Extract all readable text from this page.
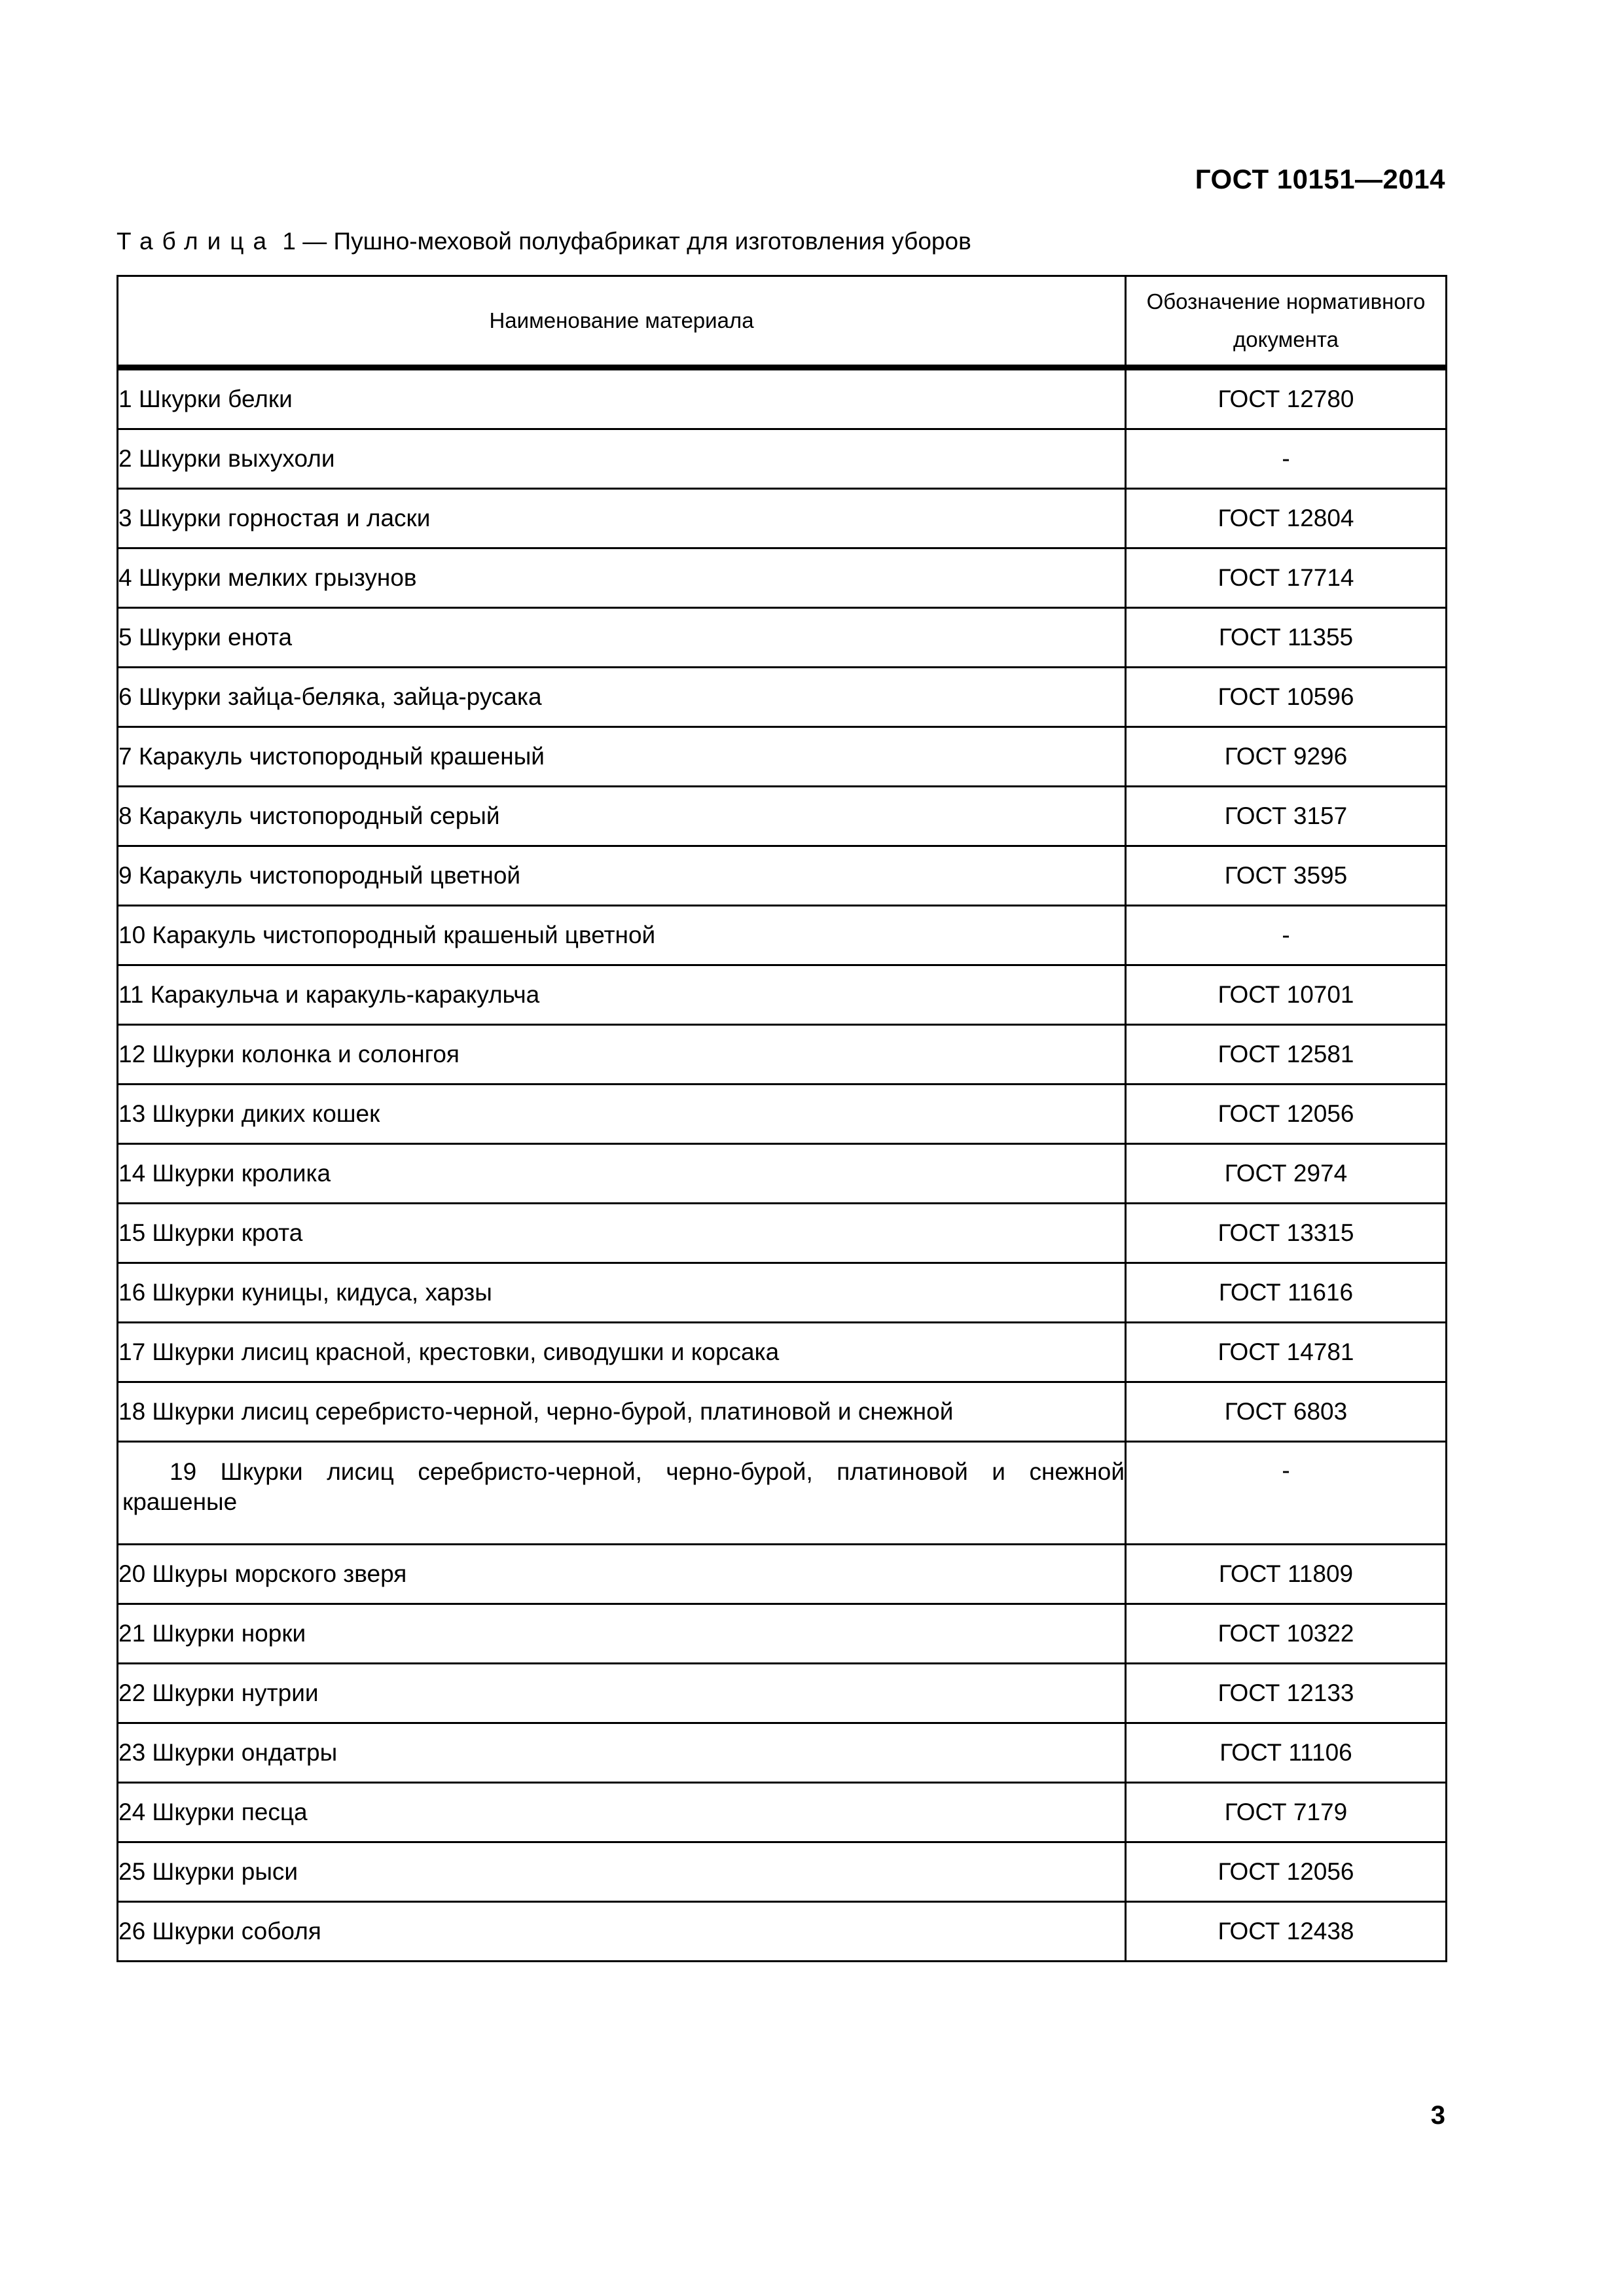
ГОСТ 10151—2014
Таблица 1 — Пушно-меховой полуфабрикат для изготовления уборов
Наименование материала	Обозначение нормативного документа
1 Шкурки белки	ГОСТ 12780
2 Шкурки выхухоли	-
3 Шкурки горностая и ласки	ГОСТ 12804
4 Шкурки мелких грызунов	ГОСТ 17714
5 Шкурки енота	ГОСТ 11355
6 Шкурки зайца-беляка, зайца-русака	ГОСТ 10596
7 Каракуль чистопородный крашеный	ГОСТ 9296
8 Каракуль чистопородный серый	ГОСТ 3157
9 Каракуль чистопородный цветной	ГОСТ 3595
10 Каракуль чистопородный крашеный цветной	-
11 Каракульча и каракуль-каракульча	ГОСТ 10701
12 Шкурки колонка и солонгоя	ГОСТ 12581
13 Шкурки диких кошек	ГОСТ 12056
14 Шкурки кролика	ГОСТ 2974
15 Шкурки крота	ГОСТ 13315
16 Шкурки куницы, кидуса, харзы	ГОСТ 11616
17 Шкурки лисиц красной, крестовки, сиводушки и корсака	ГОСТ 14781
18 Шкурки лисиц серебристо-черной, черно-бурой, платиновой и снежной	ГОСТ 6803
19 Шкурки лисиц серебристо-черной, черно-бурой, платиновой и снежной крашеные	-
20 Шкуры морского зверя	ГОСТ 11809
21 Шкурки норки	ГОСТ 10322
22 Шкурки нутрии	ГОСТ 12133
23 Шкурки ондатры	ГОСТ 11106
24 Шкурки песца	ГОСТ 7179
25 Шкурки рыси	ГОСТ 12056
26 Шкурки соболя	ГОСТ 12438
3
